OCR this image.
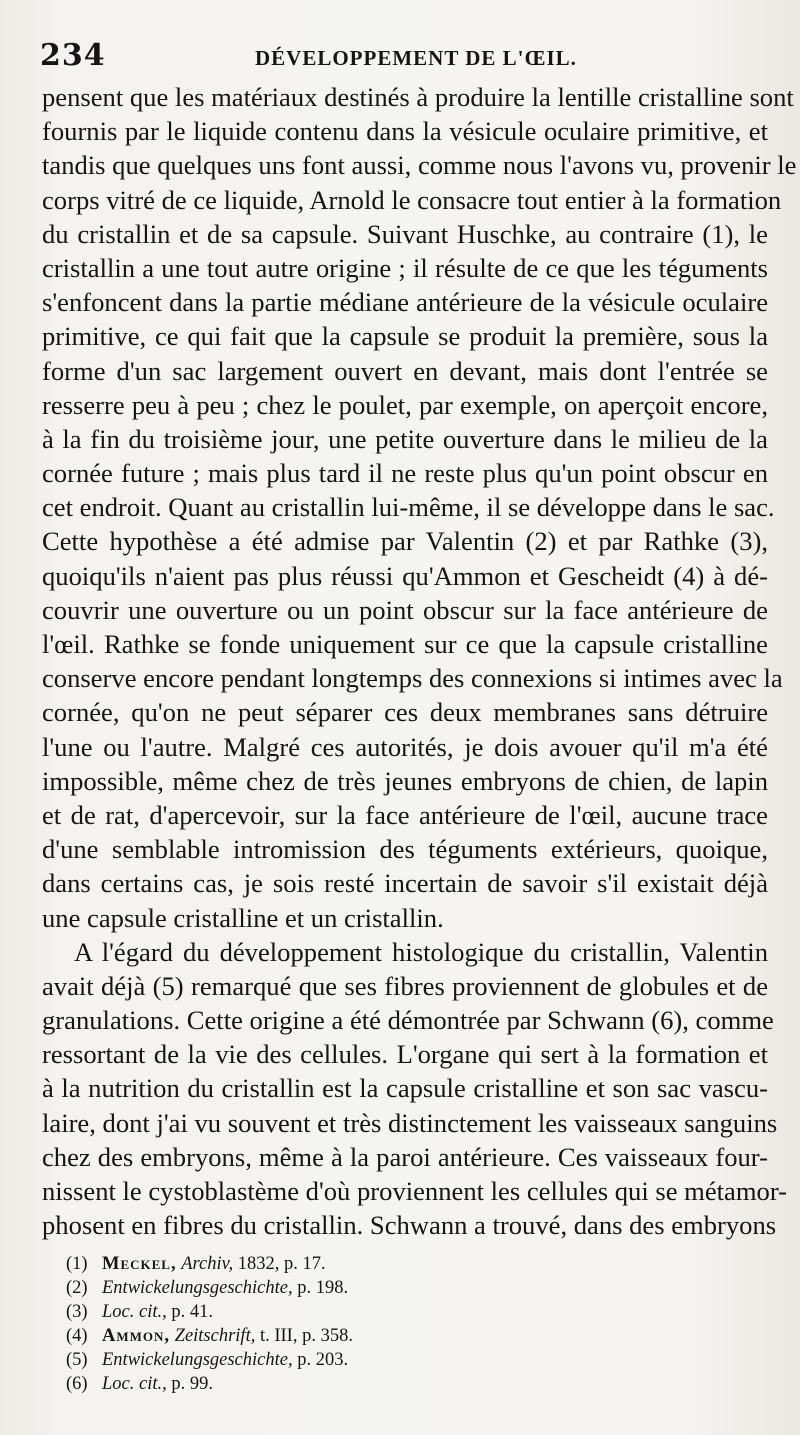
234	DÉVELOPPEMENT DE L'ŒIL.
pensent que les matériaux destinés à produire la lentille cristalline sont
fournis par le liquide contenu dans la vésicule oculaire primitive, et
tandis que quelques uns font aussi, comme nous l'avons vu, provenir le
corps vitré de ce liquide, Arnold le consacre tout entier à la formation
du cristallin et de sa capsule. Suivant Huschke, au contraire (1), le
cristallin a une tout autre origine ; il résulte de ce que les téguments
s'enfoncent dans la partie médiane antérieure de la vésicule oculaire
primitive, ce qui fait que la capsule se produit la première, sous la
forme d'un sac largement ouvert en devant, mais dont l'entrée se
resserre peu à peu ; chez le poulet, par exemple, on aperçoit encore,
à la fin du troisième jour, une petite ouverture dans le milieu de la
cornée future ; mais plus tard il ne reste plus qu'un point obscur en
cet endroit. Quant au cristallin lui-même, il se développe dans le sac.
Cette hypothèse a été admise par Valentin (2) et par Rathke (3),
quoiqu'ils n'aient pas plus réussi qu'Ammon et Gescheidt (4) à dé-
couvrir une ouverture ou un point obscur sur la face antérieure de
l'œil. Rathke se fonde uniquement sur ce que la capsule cristalline
conserve encore pendant longtemps des connexions si intimes avec la
cornée, qu'on ne peut séparer ces deux membranes sans détruire
l'une ou l'autre. Malgré ces autorités, je dois avouer qu'il m'a été
impossible, même chez de très jeunes embryons de chien, de lapin
et de rat, d'apercevoir, sur la face antérieure de l'œil, aucune trace
d'une semblable intromission des téguments extérieurs, quoique,
dans certains cas, je sois resté incertain de savoir s'il existait déjà
une capsule cristalline et un cristallin.
A l'égard du développement histologique du cristallin, Valentin
avait déjà (5) remarqué que ses fibres proviennent de globules et de
granulations. Cette origine a été démontrée par Schwann (6), comme
ressortant de la vie des cellules. L'organe qui sert à la formation et
à la nutrition du cristallin est la capsule cristalline et son sac vascu-
laire, dont j'ai vu souvent et très distinctement les vaisseaux sanguins
chez des embryons, même à la paroi antérieure. Ces vaisseaux four-
nissent le cystoblastème d'où proviennent les cellules qui se métamor-
phosent en fibres du cristallin. Schwann a trouvé, dans des embryons
(1) Meckel, Archiv, 1832, p. 17.
(2) Entwickelungsgeschichte, p. 198.
(3) Loc. cit., p. 41.
(4) Ammon, Zeitschrift, t. III, p. 358.
(5) Entwickelungsgeschichte, p. 203.
(6) Loc. cit., p. 99.
